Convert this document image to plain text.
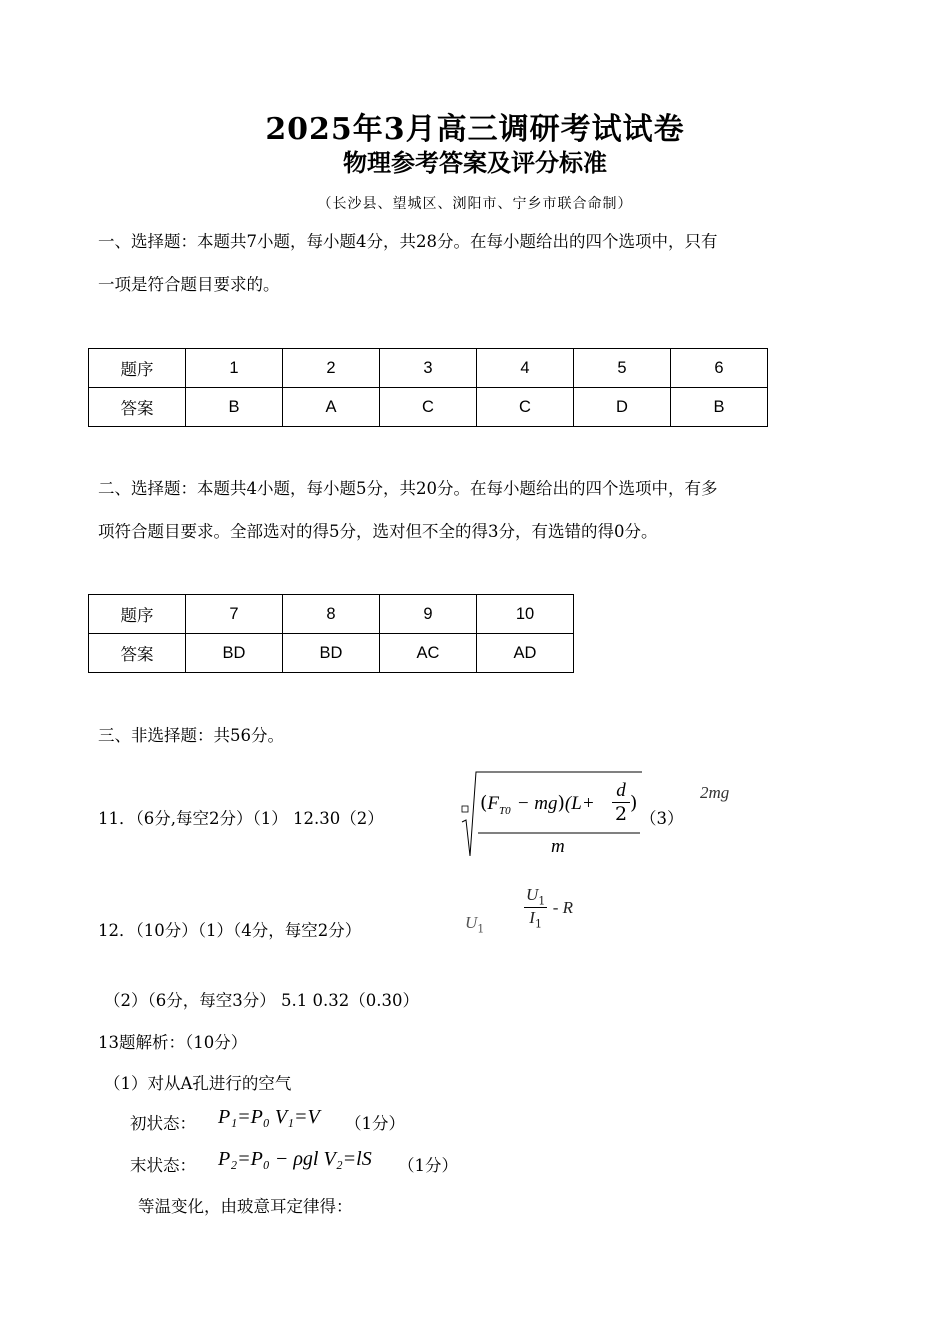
2025年3月高三调研考试试卷
物理参考答案及评分标准
（长沙县、望城区、浏阳市、宁乡市联合命制）
一、选择题：本题共7小题，每小题4分，共28分。在每小题给出的四个选项中，只有
一项是符合题目要求的。
题序	1	2	3	4	5	6
答案	B	A	C	C	D	B
二、选择题：本题共4小题，每小题5分，共20分。在每小题给出的四个选项中，有多
项符合题目要求。全部选对的得5分，选对但不全的得3分，有选错的得0分。
题序	7	8	9	10
答案	BD	BD	AC	AD
三、非选择题：共56分。
11．（6分,每空2分）（1） 12.30（2）
$(F_{T0} - mg)(L+$
d
2 )
m
（3）
2mg
12．（10分）（1）（4分，每空2分）	$U_1 \frac{U_1}{I_1}$ - R
（2）（6分，每空3分） 5.1 0.32（0.30）
13题解析：（10分）
（1）对从A孔进行的空气
初状态： P₁=P₀ V₁=V （1分）
末状态： P₂=P₀ − ρgl V₂=lS （1分）
等温变化，由玻意耳定律得：
